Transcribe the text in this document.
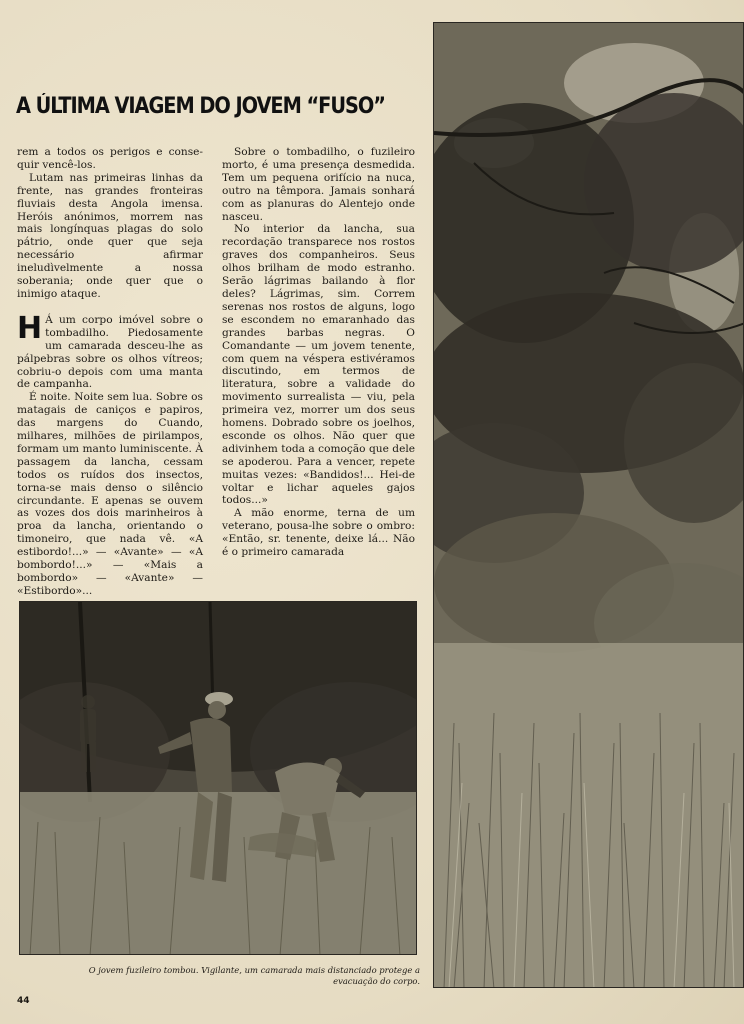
A ÚLTIMA VIAGEM DO JOVEM “FUSO”

rem a todos os perigos e conse-quir vencê-los.

Lutam nas primeiras linhas da frente, nas grandes fronteiras fluviais desta Angola imensa. Heróis anónimos, morrem nas mais longínquas plagas do solo pátrio, onde quer que seja necessário afirmar ineludìvelmente a nossa soberania; onde quer que o inimigo ataque.

H Á um corpo imóvel sobre o tombadilho. Piedosamente um camarada desceu-lhe as pálpebras sobre os olhos vítreos; cobriu-o depois com uma manta de campanha.

É noite. Noite sem lua. Sobre os matagais de caniços e papiros, das margens do Cuando, milhares, milhões de pirilampos, formam um manto luminiscente. À passagem da lancha, cessam todos os ruídos dos insectos, torna-se mais denso o silêncio circundante. E apenas se ouvem as vozes dos dois marinheiros à proa da lancha, orientando o timoneiro, que nada vê. «A estibordo!...» — «Avante» — «A bombordo!...» — «Mais a bombordo» — «Avante» — «Estibordo»...

Sobre o tombadilho, o fuzileiro morto, é uma presença desmedida. Tem um pequena orifício na nuca, outro na têmpora. Jamais sonhará com as planuras do Alentejo onde nasceu.

No interior da lancha, sua recordação transparece nos rostos graves dos companheiros. Seus olhos brilham de modo estranho. Serão lágrimas bailando à flor deles? Lágrimas, sim. Correm serenas nos rostos de alguns, logo se escondem no emaranhado das grandes barbas negras. O Comandante — um jovem tenente, com quem na véspera estivéramos discutindo, em termos de literatura, sobre a validade do movimento surrealista — viu, pela primeira vez, morrer um dos seus homens. Dobrado sobre os joelhos, esconde os olhos. Não quer que adivinhem toda a comoção que dele se apoderou. Para a vencer, repete muitas vezes: «Bandidos!... Hei-de voltar e lichar aqueles gajos todos...»

A mão enorme, terna de um veterano, pousa-lhe sobre o ombro: «Então, sr. tenente, deixe lá... Não é o primeiro camarada

O jovem fuzileiro tombou. Vigilante, um camarada mais distanciado protege a evacuação do corpo.

44
